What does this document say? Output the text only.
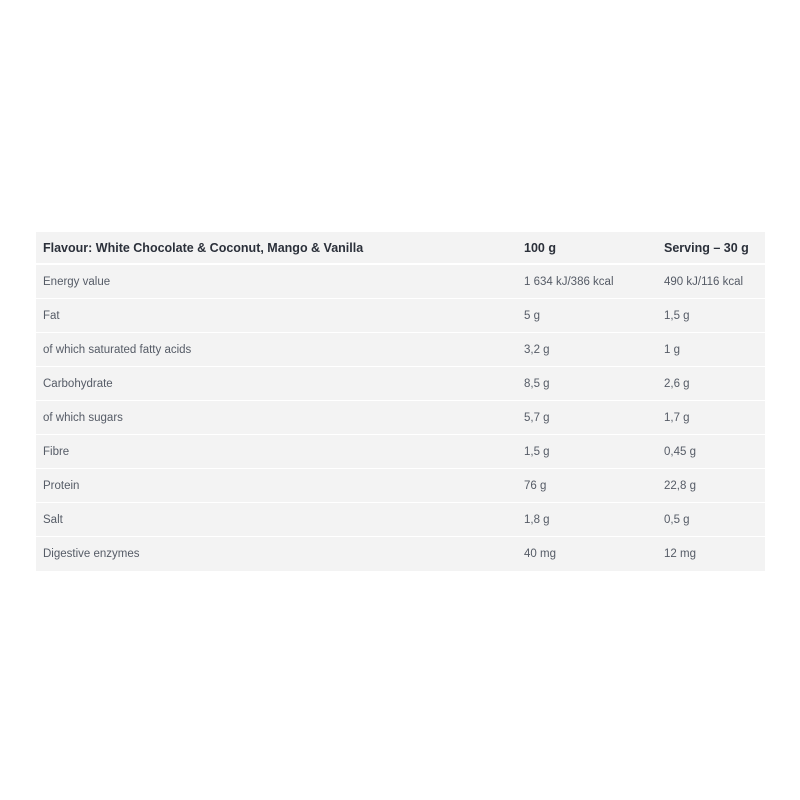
Flavour: White Chocolate & Coconut, Mango & Vanilla	100 g	Serving – 30 g
Energy value	1 634 kJ/386 kcal	490 kJ/116 kcal
Fat	5 g	1,5 g
of which saturated fatty acids	3,2 g	1 g
Carbohydrate	8,5 g	2,6 g
of which sugars	5,7 g	1,7 g
Fibre	1,5 g	0,45 g
Protein	76 g	22,8 g
Salt	1,8 g	0,5 g
Digestive enzymes	40 mg	12 mg
